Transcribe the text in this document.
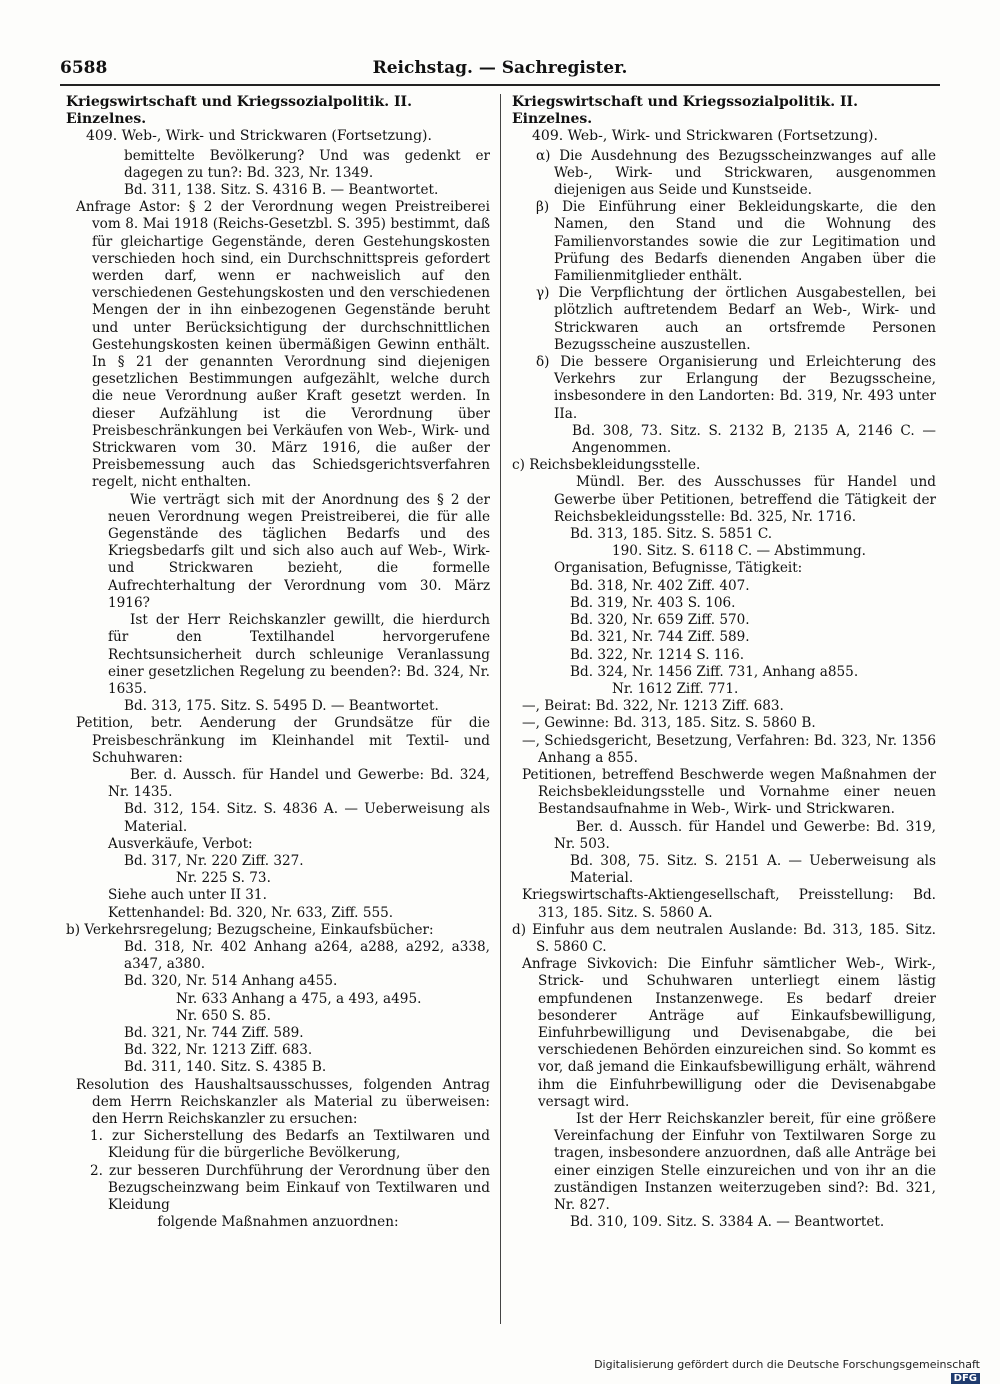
6588	Reichstag. — Sachregister.

Kriegswirtschaft und Kriegssozialpolitik. II. Einzelnes.

409. Web-, Wirk- und Strickwaren (Fortsetzung).

bemittelte Bevölkerung? Und was gedenkt er dagegen zu tun?: Bd. 323, Nr. 1349.

Bd. 311, 138. Sitz. S. 4316 B. — Beantwortet.

Anfrage Astor: § 2 der Verordnung wegen Preistreiberei vom 8. Mai 1918 (Reichs-Gesetzbl. S. 395) bestimmt, daß für gleichartige Gegenstände, deren Gestehungskosten verschieden hoch sind, ein Durchschnittspreis gefordert werden darf, wenn er nachweislich auf den verschiedenen Gestehungskosten und den verschiedenen Mengen der in ihn einbezogenen Gegenstände beruht und unter Berücksichtigung der durchschnittlichen Gestehungskosten keinen übermäßigen Gewinn enthält. In § 21 der genannten Verordnung sind diejenigen gesetzlichen Bestimmungen aufgezählt, welche durch die neue Verordnung außer Kraft gesetzt werden. In dieser Aufzählung ist die Verordnung über Preisbeschränkungen bei Verkäufen von Web-, Wirk- und Strickwaren vom 30. März 1916, die außer der Preisbemessung auch das Schiedsgerichtsverfahren regelt, nicht enthalten.

Wie verträgt sich mit der Anordnung des § 2 der neuen Verordnung wegen Preistreiberei, die für alle Gegenstände des täglichen Bedarfs und des Kriegsbedarfs gilt und sich also auch auf Web-, Wirk- und Strickwaren bezieht, die formelle Aufrechterhaltung der Verordnung vom 30. März 1916?

Ist der Herr Reichskanzler gewillt, die hierdurch für den Textilhandel hervorgerufene Rechtsunsicherheit durch schleunige Veranlassung einer gesetzlichen Regelung zu beenden?: Bd. 324, Nr. 1635.

Bd. 313, 175. Sitz. S. 5495 D. — Beantwortet.

Petition, betr. Aenderung der Grundsätze für die Preisbeschränkung im Kleinhandel mit Textil- und Schuhwaren:

Ber. d. Aussch. für Handel und Gewerbe: Bd. 324, Nr. 1435.

Bd. 312, 154. Sitz. S. 4836 A. — Ueberweisung als Material.

Ausverkäufe, Verbot:

Bd. 317, Nr. 220 Ziff. 327.

Nr. 225 S. 73.

Siehe auch unter II 31.

Kettenhandel: Bd. 320, Nr. 633, Ziff. 555.

b) Verkehrsregelung; Bezugscheine, Einkaufsbücher:

Bd. 318, Nr. 402 Anhang a264, a288, a292, a338, a347, a380.

Bd. 320, Nr. 514 Anhang a455.

Nr. 633 Anhang a 475, a 493, a495.

Nr. 650 S. 85.

Bd. 321, Nr. 744 Ziff. 589.

Bd. 322, Nr. 1213 Ziff. 683.

Bd. 311, 140. Sitz. S. 4385 B.

Resolution des Haushaltsausschusses, folgenden Antrag dem Herrn Reichskanzler als Material zu überweisen: den Herrn Reichskanzler zu ersuchen:

1. zur Sicherstellung des Bedarfs an Textilwaren und Kleidung für die bürgerliche Bevölkerung,

2. zur besseren Durchführung der Verordnung über den Bezugscheinzwang beim Einkauf von Textilwaren und Kleidung

folgende Maßnahmen anzuordnen:

Kriegswirtschaft und Kriegssozialpolitik. II. Einzelnes.

409. Web-, Wirk- und Strickwaren (Fortsetzung).

α) Die Ausdehnung des Bezugsscheinzwanges auf alle Web-, Wirk- und Strickwaren, ausgenommen diejenigen aus Seide und Kunstseide.

β) Die Einführung einer Bekleidungskarte, die den Namen, den Stand und die Wohnung des Familienvorstandes sowie die zur Legitimation und Prüfung des Bedarfs dienenden Angaben über die Familienmitglieder enthält.

γ) Die Verpflichtung der örtlichen Ausgabestellen, bei plötzlich auftretendem Bedarf an Web-, Wirk- und Strickwaren auch an ortsfremde Personen Bezugsscheine auszustellen.

δ) Die bessere Organisierung und Erleichterung des Verkehrs zur Erlangung der Bezugsscheine, insbesondere in den Landorten: Bd. 319, Nr. 493 unter IIa.

Bd. 308, 73. Sitz. S. 2132 B, 2135 A, 2146 C. — Angenommen.

c) Reichsbekleidungsstelle.

Mündl. Ber. des Ausschusses für Handel und Gewerbe über Petitionen, betreffend die Tätigkeit der Reichsbekleidungsstelle: Bd. 325, Nr. 1716.

Bd. 313, 185. Sitz. S. 5851 C.

190. Sitz. S. 6118 C. — Abstimmung.

Organisation, Befugnisse, Tätigkeit:

Bd. 318, Nr. 402 Ziff. 407.

Bd. 319, Nr. 403 S. 106.

Bd. 320, Nr. 659 Ziff. 570.

Bd. 321, Nr. 744 Ziff. 589.

Bd. 322, Nr. 1214 S. 116.

Bd. 324, Nr. 1456 Ziff. 731, Anhang a855.

Nr. 1612 Ziff. 771.

—, Beirat: Bd. 322, Nr. 1213 Ziff. 683.

—, Gewinne: Bd. 313, 185. Sitz. S. 5860 B.

—, Schiedsgericht, Besetzung, Verfahren: Bd. 323, Nr. 1356 Anhang a 855.

Petitionen, betreffend Beschwerde wegen Maßnahmen der Reichsbekleidungsstelle und Vornahme einer neuen Bestandsaufnahme in Web-, Wirk- und Strickwaren.

Ber. d. Aussch. für Handel und Gewerbe: Bd. 319, Nr. 503.

Bd. 308, 75. Sitz. S. 2151 A. — Ueberweisung als Material.

Kriegswirtschafts-Aktiengesellschaft, Preisstellung: Bd. 313, 185. Sitz. S. 5860 A.

d) Einfuhr aus dem neutralen Auslande: Bd. 313, 185. Sitz. S. 5860 C.

Anfrage Sivkovich: Die Einfuhr sämtlicher Web-, Wirk-, Strick- und Schuhwaren unterliegt einem lästig empfundenen Instanzenwege. Es bedarf dreier besonderer Anträge auf Einkaufsbewilligung, Einfuhrbewilligung und Devisenabgabe, die bei verschiedenen Behörden einzureichen sind. So kommt es vor, daß jemand die Einkaufsbewilligung erhält, während ihm die Einfuhrbewilligung oder die Devisenabgabe versagt wird.

Ist der Herr Reichskanzler bereit, für eine größere Vereinfachung der Einfuhr von Textilwaren Sorge zu tragen, insbesondere anzuordnen, daß alle Anträge bei einer einzigen Stelle einzureichen und von ihr an die zuständigen Instanzen weiterzugeben sind?: Bd. 321, Nr. 827.

Bd. 310, 109. Sitz. S. 3384 A. — Beantwortet.

Digitalisierung gefördert durch die Deutsche Forschungsgemeinschaft DFG
